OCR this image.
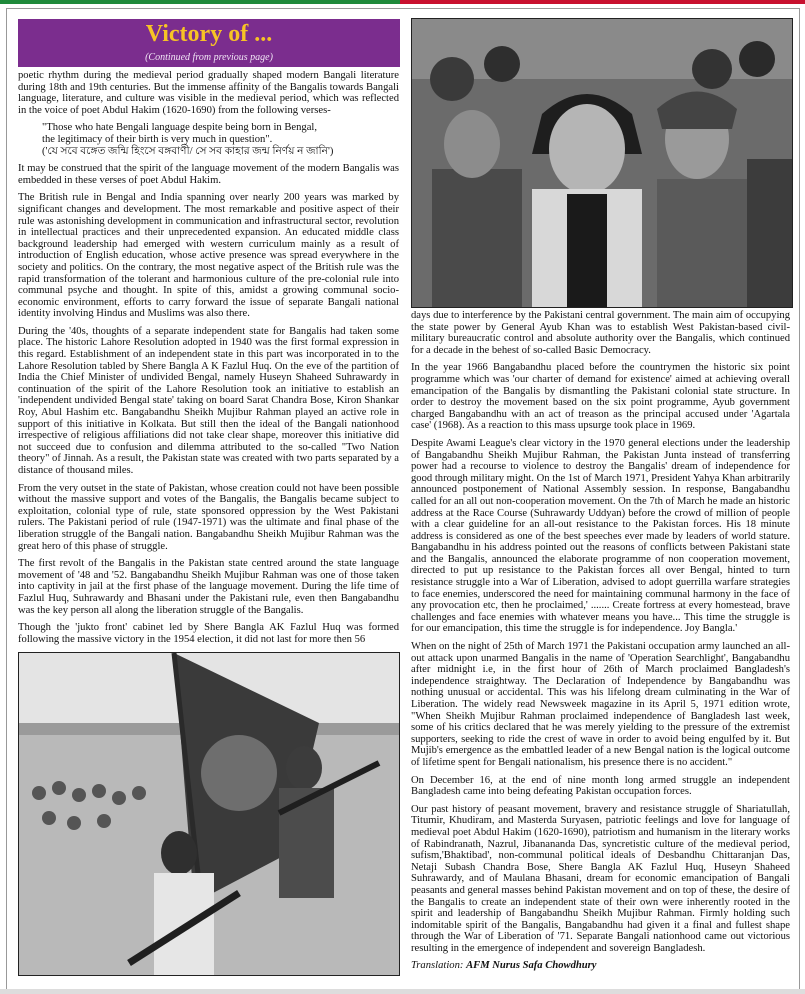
Victory of ...
(Continued from previous page)

poetic rhythm during the medieval period gradually shaped modern Bangali literature during 18th and 19th centuries. But the immense affinity of the Bangalis towards Bangali language, literature, and culture was visible in the medieval period, which was reflected in the voice of poet Abdul Hakim (1620-1690) from the following verses-

"Those who hate Bengali language despite being born in Bengal,
the legitimacy of their birth is very much in question".
('যে সবে বঙ্গেত জন্মি হিংসে বঙ্গবাণী/ সে সব কাহার জন্ম নির্ণয় ন জানি')

It may be construed that the spirit of the language movement of the modern Bangalis was embedded in these verses of poet Abdul Hakim.

The British rule in Bengal and India spanning over nearly 200 years was marked by significant changes and development. The most remarkable and positive aspect of their rule was astonishing development in communication and infrastructural sector, revolution in intellectual practices and their unprecedented expansion. An educated middle class background leadership had emerged with western curriculum mainly as a result of introduction of English education, whose active presence was spread everywhere in the society and politics. On the contrary, the most negative aspect of the British rule was the rapid transformation of the tolerant and harmonious culture of the pre-colonial rule into communal psyche and thought. In spite of this, amidst a growing communal socio-economic environment, efforts to carry forward the issue of separate Bangali national identity involving Hindus and Muslims was also there.

During the '40s, thoughts of a separate independent state for Bangalis had taken some place. The historic Lahore Resolution adopted in 1940 was the first formal expression in this regard. Establishment of an independent state in this part was incorporated in to the Lahore Resolution tabled by Shere Bangla A K Fazlul Huq. On the eve of the partition of India the Chief Minister of undivided Bengal, namely Huseyn Shaheed Suhrawardy in continuation of the spirit of the Lahore Resolution took an initiative to establish an 'independent undivided Bengal state' taking on board Sarat Chandra Bose, Kiron Shankar Roy, Abul Hashim etc. Bangabandhu Sheikh Mujibur Rahman played an active role in support of this initiative in Kolkata. But still then the ideal of the Bangali nationhood irrespective of religious affiliations did not take clear shape, moreover this initiative did not succeed due to confusion and dilemma attributed to the so-called "Two Nation theory" of Jinnah. As a result, the Pakistan state was created with two parts separated by a distance of thousand miles.

From the very outset in the state of Pakistan, whose creation could not have been possible without the massive support and votes of the Bangalis, the Bangalis became subject to exploitation, colonial type of rule, state sponsored oppression by the West Pakistani rulers. The Pakistani period of rule (1947-1971) was the ultimate and final phase of the liberation struggle of the Bangali nation. Bangabandhu Sheikh Mujibur Rahman was the great hero of this phase of struggle.

The first revolt of the Bangalis in the Pakistan state centred around the state language movement of '48 and '52. Bangabandhu Sheikh Mujibur Rahman was one of those taken into captivity in jail at the first phase of the language movement. During the life time of Fazlul Huq, Suhrawardy and Bhasani under the Pakistani rule, even then Bangabandhu was the key person all along the liberation struggle of the Bangalis.

Though the 'jukto front' cabinet led by Shere Bangla AK Fazlul Huq was formed following the massive victory in the 1954 election, it did not last for more then 56

days due to interference by the Pakistani central government. The main aim of occupying the state power by General Ayub Khan was to establish West Pakistan-based civil-military bureaucratic control and absolute authority over the Bangalis, which continued for a decade in the behest of so-called Basic Democracy.

In the year 1966 Bangabandhu placed before the countrymen the historic six point programme which was 'our charter of demand for existence' aimed at achieving overall emancipation of the Bangalis by dismantling the Pakistani colonial state structure. In order to destroy the movement based on the six point programme, Ayub government charged Bangabandhu with an act of treason as the principal accused under 'Agartala case' (1968). As a reaction to this mass upsurge took place in 1969.

Despite Awami League's clear victory in the 1970 general elections under the leadership of Bangabandhu Sheikh Mujibur Rahman, the Pakistan Junta instead of transferring power had a recourse to violence to destroy the Bangalis' dream of independence for good through military might. On the 1st of March 1971, President Yahya Khan arbitrarily announced postponement of National Assembly session. In response, Bangabandhu called for an all out non-cooperation movement. On the 7th of March he made an historic address at the Race Course (Suhrawardy Uddyan) before the crowd of million of people with a clear guideline for an all-out resistance to the Pakistan forces. His 18 minute address is considered as one of the best speeches ever made by leaders of world stature. Bangabandhu in his address pointed out the reasons of conflicts between Pakistani state and the Bangalis, announced the elaborate programme of non cooperation movement, directed to put up resistance to the Pakistan forces all over Bengal, hinted to turn resistance struggle into a War of Liberation, advised to adopt guerrilla warfare strategies to face enemies, underscored the need for maintaining communal harmony in the face of any provocation etc, then he proclaimed,' ....... Create fortress at every homestead, brave challenges and face enemies with whatever means you have... This time the struggle is for our emancipation, this time the struggle is for independence. Joy Bangla.'

When on the night of 25th of March 1971 the Pakistani occupation army launched an all-out attack upon unarmed Bangalis in the name of 'Operation Searchlight', Bangabandhu after midnight i.e, in the first hour of 26th of March proclaimed Bangladesh's independence straightway. The Declaration of Independence by Bangabandhu was nothing unusual or accidental. This was his lifelong dream culminating in the War of Liberation. The widely read Newsweek magazine in its April 5, 1971 edition wrote, "When Sheikh Mujibur Rahman proclaimed independence of Bangladesh last week, some of his critics declared that he was merely yielding to the pressure of the extremist supporters, seeking to ride the crest of wave in order to avoid being engulfed by it. But Mujib's emergence as the embattled leader of a new Bengal nation is the logical outcome of lifetime spent for Bengali nationalism, his presence there is no accident."

On December 16, at the end of nine month long armed struggle an independent Bangladesh came into being defeating Pakistan occupation forces.

Our past history of peasant movement, bravery and resistance struggle of Shariatullah, Titumir, Khudiram, and Masterda Suryasen, patriotic feelings and love for language of medieval poet Abdul Hakim (1620-1690), patriotism and humanism in the literary works of Rabindranath, Nazrul, Jibanananda Das, syncretistic culture of the medieval period, sufism,'Bhaktibad', non-communal political ideals of Desbandhu Chittaranjan Das, Netaji Subash Chandra Bose, Shere Bangla AK Fazlul Huq, Huseyn Shaheed Suhrawardy, and of Maulana Bhasani, dream for economic emancipation of Bangali peasants and general masses behind Pakistan movement and on top of these, the desire of the Bangalis to create an independent state of their own were inherently rooted in the spirit and leadership of Bangabandhu Sheikh Mujibur Rahman. Firmly holding such indomitable spirit of the Bangalis, Bangabandhu had given it a final and fullest shape through the War of Liberation of '71. Separate Bangali nationhood came out victorious resulting in the emergence of independent and sovereign Bangladesh.

Translation: AFM Nurus Safa Chowdhury
